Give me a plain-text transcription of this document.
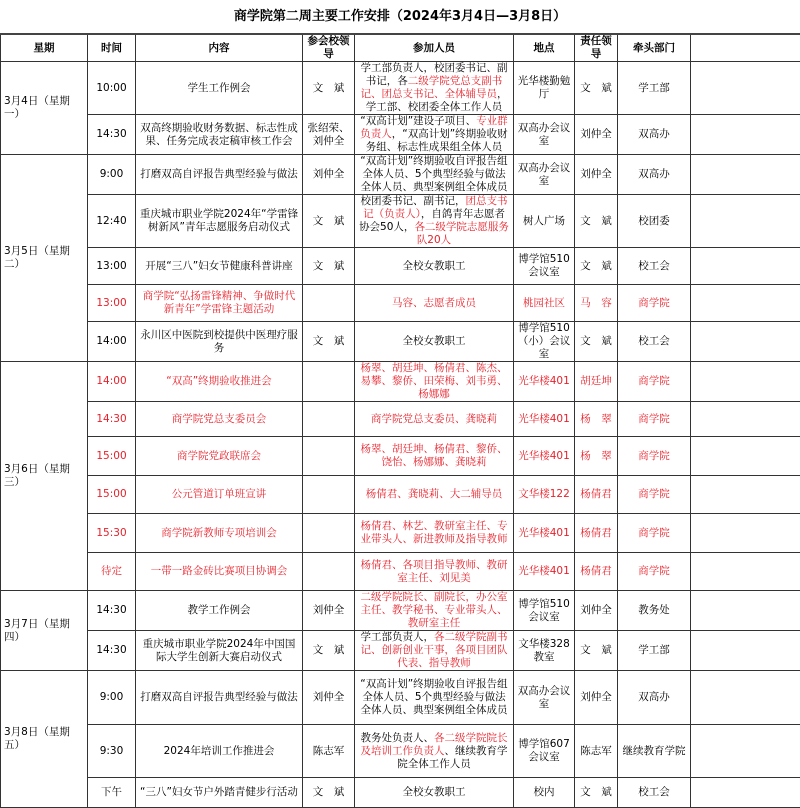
商学院第二周主要工作安排（2024年3月4日—3月8日）
星期	时间	内容	参会校领导	参加人员	地点	责任领导	牵头部门	
3月4日（星期一）	10:00	学生工作例会	文　斌	学工部负责人，校团委书记、副书记，各二级学院党总支副书记、团总支书记、全体辅导员，学工部、校团委全体工作人员	光华楼勤勉厅	文　斌	学工部	
	14:30	双高终期验收财务数据、标志性成果、任务完成表定稿审核工作会	张绍荣、刘仲全	“双高计划”建设子项目、专业群负责人，“双高计划”终期验收财务组、标志性成果组全体人员	双高办会议室	刘仲全	双高办	
3月5日（星期二）	9:00	打磨双高自评报告典型经验与做法	刘仲全	“双高计划”终期验收自评报告组全体人员、5个典型经验与做法全体人员、典型案例组全体成员	双高办会议室	刘仲全	双高办	
	12:40	重庆城市职业学院2024年“学雷锋树新风”青年志愿服务启动仪式	文　斌	校团委书记、副书记，团总支书记（负责人），自鸽青年志愿者协会50人，各二级学院志愿服务队20人	树人广场	文　斌	校团委	
	13:00	开展“三八”妇女节健康科普讲座	文　斌	全校女教职工	博学馆510会议室	文　斌	校工会	
	13:00	商学院“弘扬雷锋精神、争做时代新青年”学雷锋主题活动		马容、志愿者成员	桃园社区	马　容	商学院	
	14:00	永川区中医院到校提供中医理疗服务	文　斌	全校女教职工	博学馆510（小）会议室	文　斌	校工会	
3月6日（星期三）	14:00	“双高”终期验收推进会		杨翠、胡廷坤、杨倩君、陈杰、易攀、黎侨、田荣梅、刘韦勇、杨娜娜	光华楼401	胡廷坤	商学院	
	14:30	商学院党总支委员会		商学院党总支委员、龚晓莉	光华楼401	杨　翠	商学院	
	15:00	商学院党政联席会		杨翠、胡廷坤、杨倩君、黎侨、饶怡、杨娜娜、龚晓莉	光华楼401	杨　翠	商学院	
	15:00	公元管道订单班宣讲		杨倩君、龚晓莉、大二辅导员	文华楼122	杨倩君	商学院	
	15:30	商学院新教师专项培训会		杨倩君、林艺、教研室主任、专业带头人、新进教师及指导教师	光华楼401	杨倩君	商学院	
	待定	一带一路金砖比赛项目协调会		杨倩君、各项目指导教师、教研室主任、刘见美	光华楼401	杨倩君	商学院	
3月7日（星期四）	14:30	教学工作例会	刘仲全	二级学院院长、副院长，办公室主任、教学秘书、专业带头人、教研室主任	博学馆510会议室	刘仲全	教务处	
	14:30	重庆城市职业学院2024年中国国际大学生创新大赛启动仪式	文　斌	学工部负责人，各二级学院副书记、创新创业干事，各项目团队代表、指导教师	文华楼328教室	文　斌	学工部	
3月8日（星期五）	9:00	打磨双高自评报告典型经验与做法	刘仲全	“双高计划”终期验收自评报告组全体人员、5个典型经验与做法全体人员、典型案例组全体成员	双高办会议室	刘仲全	双高办	
	9:30	2024年培训工作推进会	陈志军	教务处负责人、各二级学院院长及培训工作负责人、继续教育学院全体工作人员	博学馆607会议室	陈志军	继续教育学院	
	下午	“三八”妇女节户外踏青健步行活动	文　斌	全校女教职工	校内	文　斌	校工会	
